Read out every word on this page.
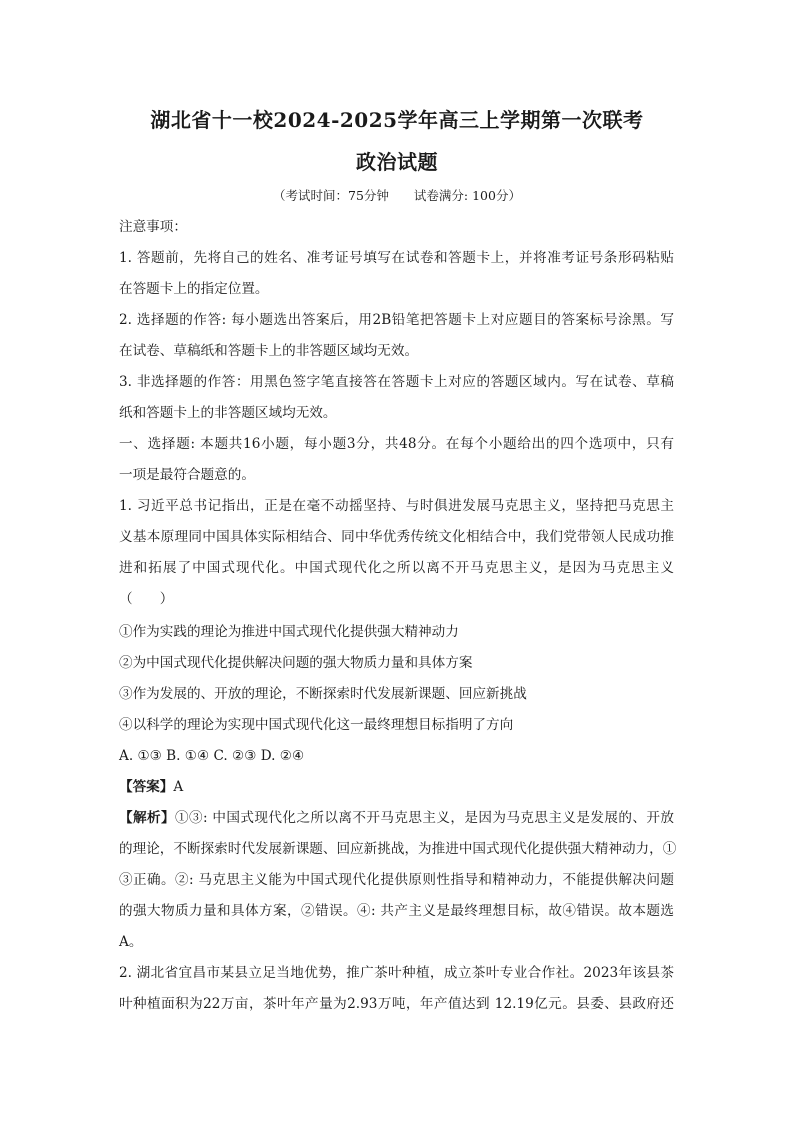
湖北省十一校2024-2025学年高三上学期第一次联考
政治试题
（考试时间：75分钟　　试卷满分: 100分）
注意事项：
1. 答题前，先将自己的姓名、准考证号填写在试卷和答题卡上，并将准考证号条形码粘贴
在答题卡上的指定位置。
2. 选择题的作答: 每小题选出答案后，用2B铅笔把答题卡上对应题目的答案标号涂黑。写
在试卷、草稿纸和答题卡上的非答题区域均无效。
3. 非选择题的作答：用黑色签字笔直接答在答题卡上对应的答题区域内。写在试卷、草稿
纸和答题卡上的非答题区域均无效。
一、选择题: 本题共16小题，每小题3分，共48分。在每个小题给出的四个选项中，只有
一项是最符合题意的。
1. 习近平总书记指出，正是在毫不动摇坚持、与时俱进发展马克思主义，坚持把马克思主
义基本原理同中国具体实际相结合、同中华优秀传统文化相结合中，我们党带领人民成功推
进和拓展了中国式现代化。中国式现代化之所以离不开马克思主义，是因为马克思主义
（　　）
①作为实践的理论为推进中国式现代化提供强大精神动力
②为中国式现代化提供解决问题的强大物质力量和具体方案
③作为发展的、开放的理论，不断探索时代发展新课题、回应新挑战
④以科学的理论为实现中国式现代化这一最终理想目标指明了方向
A. ①③ B. ①④ C. ②③ D. ②④
【答案】A
【解析】①③: 中国式现代化之所以离不开马克思主义，是因为马克思主义是发展的、开放
的理论，不断探索时代发展新课题、回应新挑战，为推进中国式现代化提供强大精神动力，①
③正确。②: 马克思主义能为中国式现代化提供原则性指导和精神动力，不能提供解决问题
的强大物质力量和具体方案，②错误。④: 共产主义是最终理想目标，故④错误。故本题选
A。
2. 湖北省宜昌市某县立足当地优势，推广茶叶种植，成立茶叶专业合作社。2023年该县茶
叶种植面积为22万亩，茶叶年产量为2.93万吨，年产值达到 12.19亿元。县委、县政府还
